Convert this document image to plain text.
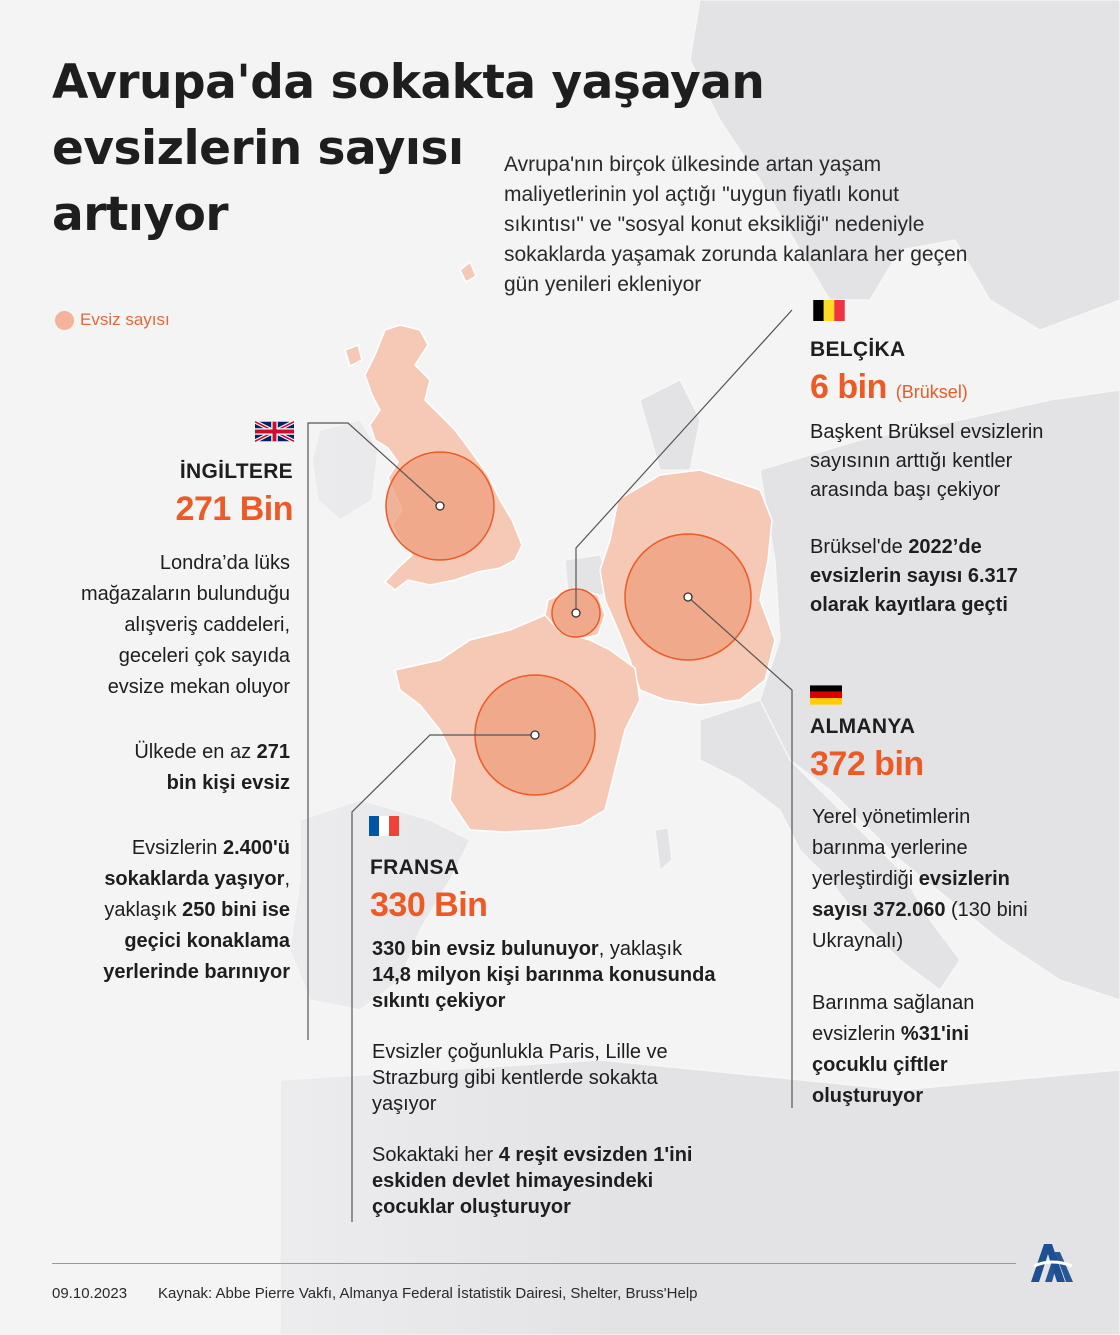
Avrupa'da sokakta yaşayan
evsizlerin sayısı
artıyor
Avrupa'nın birçok ülkesinde artan yaşam maliyetlerinin yol açtığı "uygun fiyatlı konut sıkıntısı" ve "sosyal konut eksikliği" nedeniyle sokaklarda yaşamak zorunda kalanlara her geçen gün yenileri ekleniyor
Evsiz sayısı
İNGİLTERE
271 Bin

Londra’da lüks mağazaların bulunduğu alışveriş caddeleri, geceleri çok sayıda evsize mekan oluyor

Ülkede en az 271
bin kişi evsiz

Evsizlerin 2.400'ü sokaklarda yaşıyor, yaklaşık 250 bini ise geçici konaklama yerlerinde barınıyor

BELÇİKA
6 bin (Brüksel)

Başkent Brüksel evsizlerin sayısının arttığı kentler arasında başı çekiyor

Brüksel'de 2022’de evsizlerin sayısı 6.317 olarak kayıtlara geçti

ALMANYA
372 bin

Yerel yönetimlerin barınma yerlerine yerleştirdiği evsizlerin sayısı 372.060 (130 bini Ukraynalı)

Barınma sağlanan evsizlerin %31'ini çocuklu çiftler oluşturuyor

FRANSA
330 Bin

330 bin evsiz bulunuyor, yaklaşık 14,8 milyon kişi barınma konusunda sıkıntı çekiyor

Evsizler çoğunlukla Paris, Lille ve Strazburg gibi kentlerde sokakta yaşıyor

Sokaktaki her 4 reşit evsizden 1'ini eskiden devlet himayesindeki çocuklar oluşturuyor

09.10.2023 Kaynak: Abbe Pierre Vakfı, Almanya Federal İstatistik Dairesi, Shelter, Bruss'Help
